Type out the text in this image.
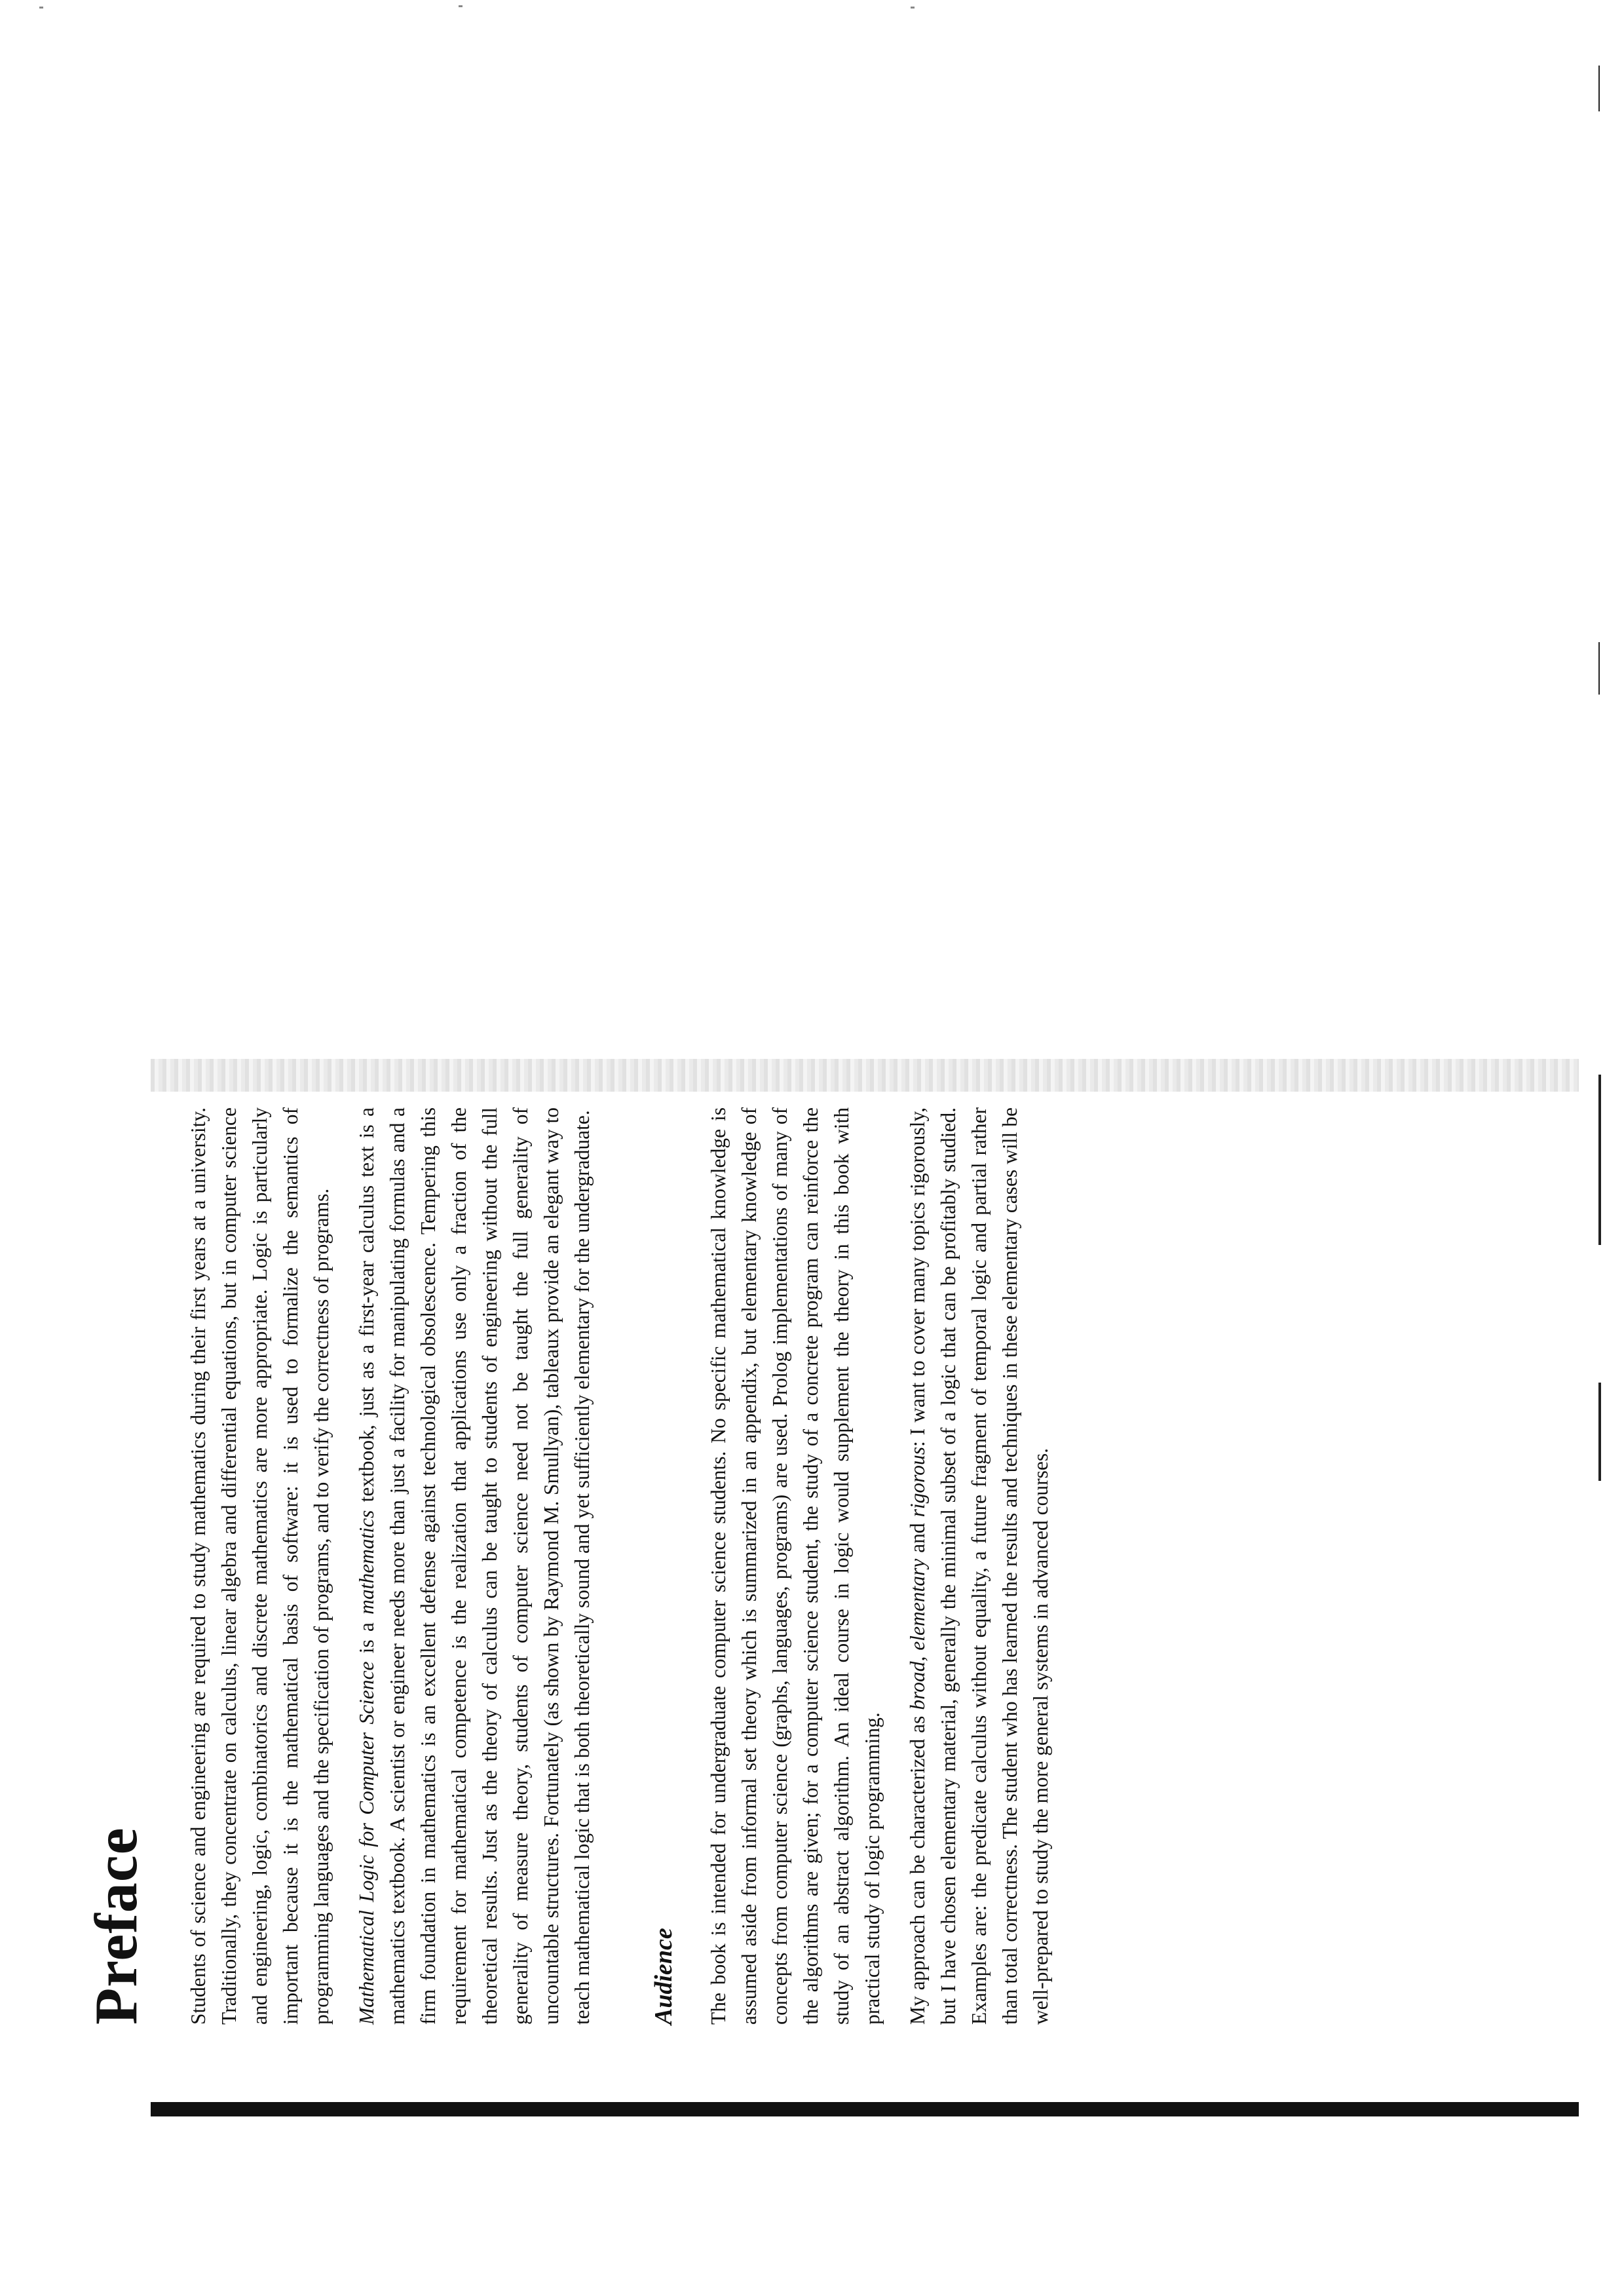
Preface Students of science and engineering are required to study mathematics during their first years at a university. Traditionally, they concentrate on calculus, linear algebra and differential equations, but in computer science and engineering, logic, combinatorics and discrete mathematics are more appropriate. Logic is particularly important because it is the mathematical basis of software: it is used to formalize the semantics of programming languages and the specification of programs, and to verify the correctness of programs. Mathematical Logic for Computer Science is a mathematics textbook, just as a first-year calculus text is a mathematics textbook. A scientist or engineer needs more than just a facility for manipulating formulas and a firm foundation in mathematics is an excellent defense against technological obsolescence. Tempering this requirement for mathematical competence is the realization that applications use only a fraction of the theoretical results. Just as the theory of calculus can be taught to students of engineering without the full generality of measure theory, students of computer science need not be taught the full generality of uncountable structures. Fortunately (as shown by Raymond M. Smullyan), tableaux provide an elegant way to teach mathematical logic that is both theoretically sound and yet sufficiently elementary for the undergraduate. Audience The book is intended for undergraduate computer science students. No specific mathematical knowledge is assumed aside from informal set theory which is summarized in an appendix, but elementary knowledge of concepts from computer science (graphs, languages, programs) are used. Prolog implementations of many of the algorithms are given; for a computer science student, the study of a concrete program can reinforce the study of an abstract algorithm. An ideal course in logic would supplement the theory in this book with practical study of logic programming. My approach can be characterized as broad, elementary and rigorous: I want to cover many topics rigorously, but I have chosen elementary material, generally the minimal subset of a logic that can be profitably studied. Examples are: the predicate calculus without equality, a future fragment of temporal logic and partial rather than total correctness. The student who has learned the results and techniques in these elementary cases will be well-prepared to study the more general systems in advanced courses.
